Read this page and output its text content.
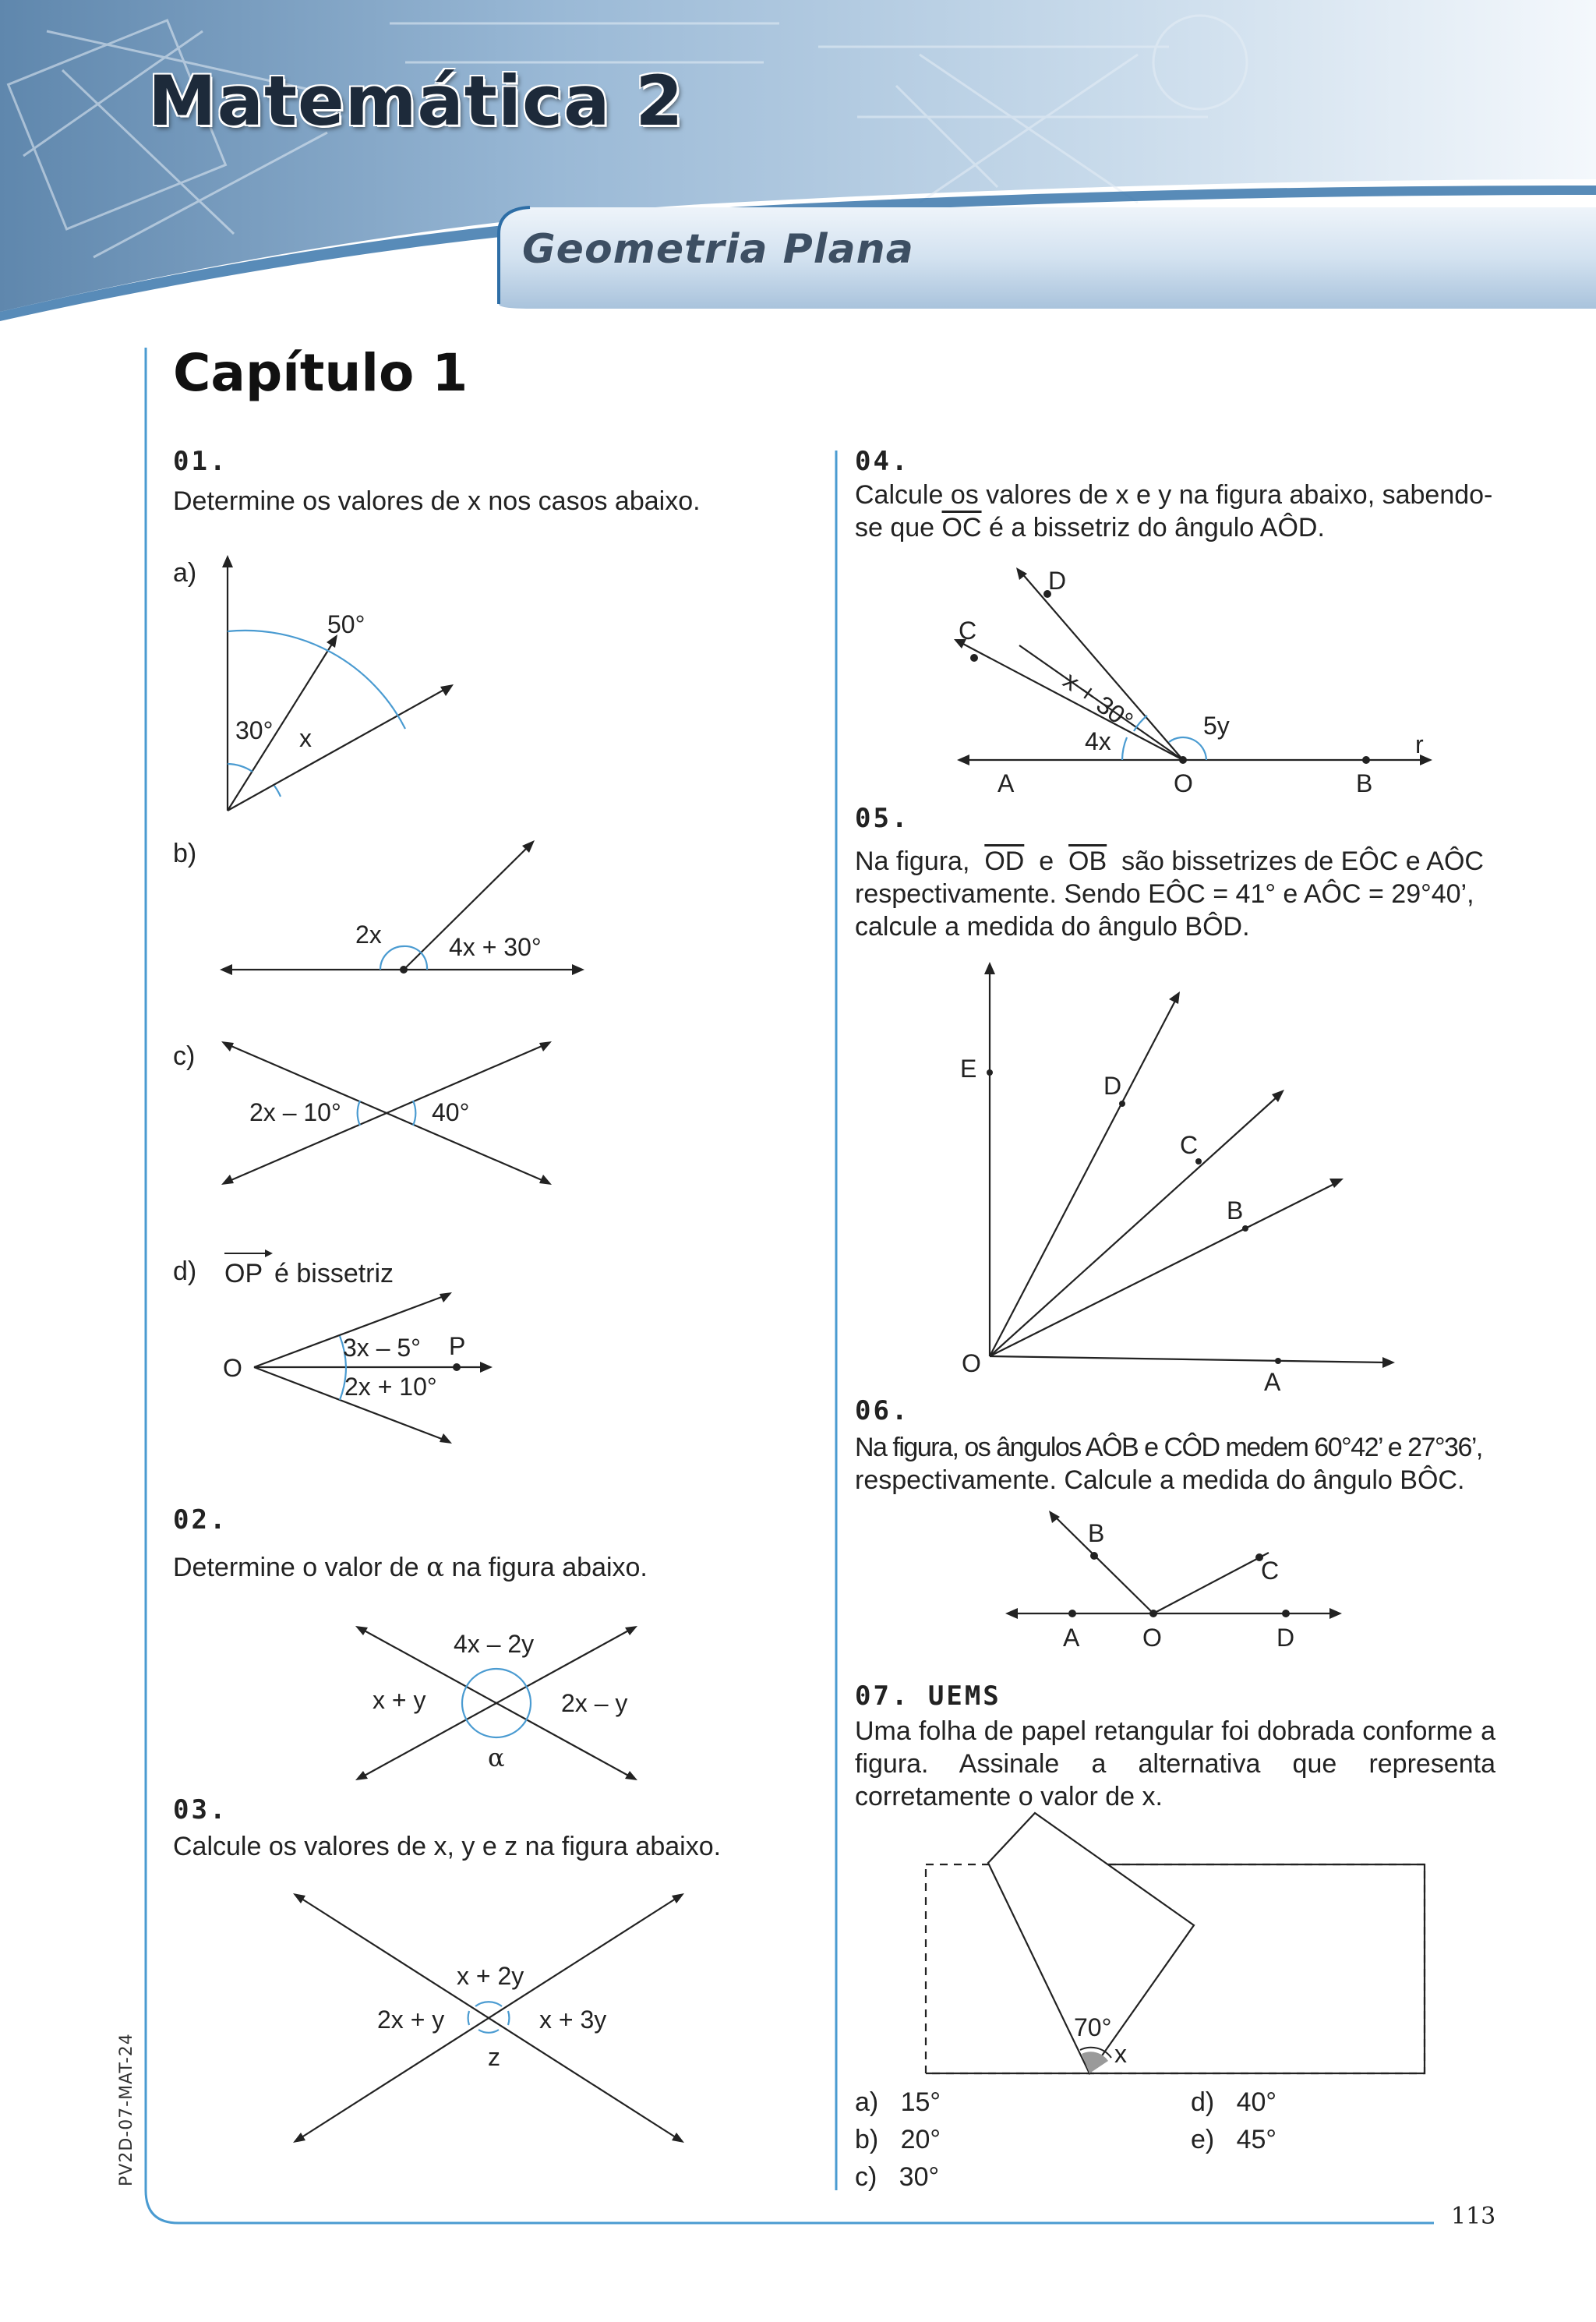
Matemática 2
Geometria Plana
Capítulo 1
01.
Determine os valores de x nos casos abaixo.
a)
50°
30° x
b)
2x	4x + 30°
c)
2x – 10°	40°
d) OP é bissetriz
O
P
3x – 5°
2x + 10°
02.
Determine o valor de α na figura abaixo.
4x – 2y
x + y	2x – y
α
03.
Calcule os valores de x, y e z na figura abaixo.
x + 2y
2x + y	x + 3y
z
04.
Calcule os valores de x e y na figura abaixo, sabendo-
se que $\overline{OC}$ é a bissetriz do ângulo AÔD.
D
C
A	O	B
r
x + 30°
4x
5y
05.
Na figura, $\overline{OD}$ e $\overline{OB}$ são bissetrizes de EÔC e AÔC
respectivamente. Sendo EÔC = 41° e AÔC = 29°40’,
calcule a medida do ângulo BÔD.
E
D
C
B
O
A
06.
Na figura, os ângulos AÔB e CÔD medem 60°42’ e 27°36’,
respectivamente. Calcule a medida do ângulo BÔC.
B
C
A	O	D
07. UEMS
Uma folha de papel retangular foi dobrada conforme a figura. Assinale a alternativa que representa corretamente o valor de x.
70°
x
a) 15°
b) 20°
c) 30°
d) 40°
e) 45°
PV2D-07-MAT-24
113
